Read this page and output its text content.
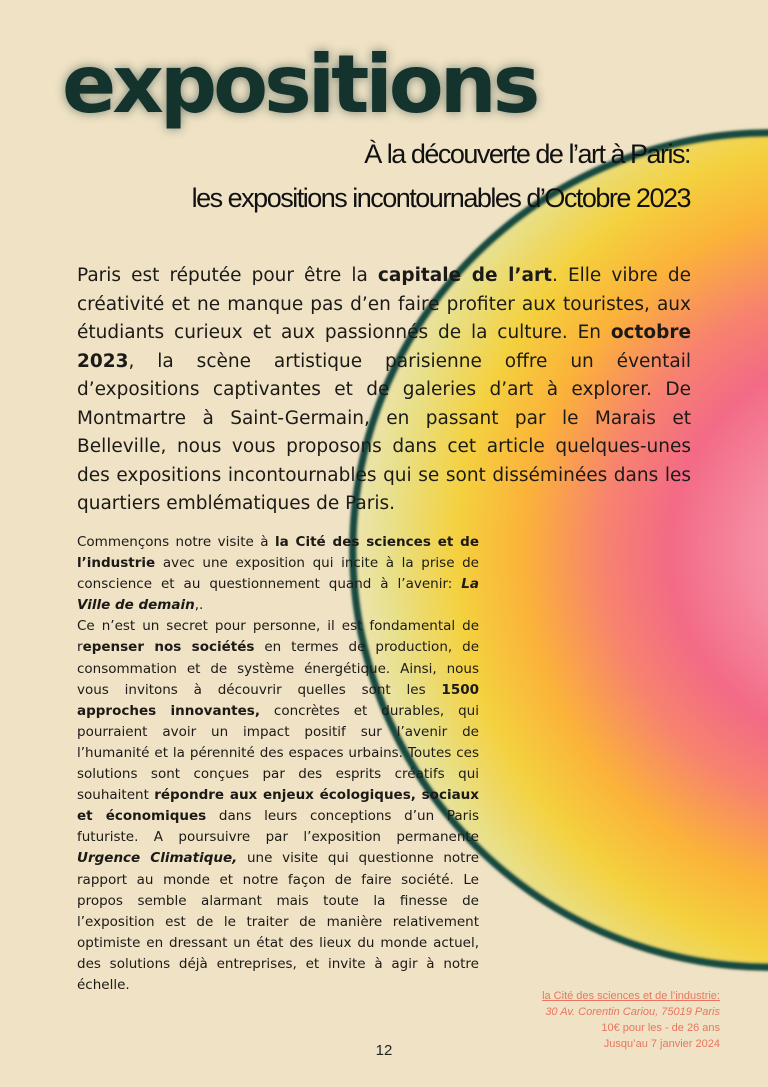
expositions
À la découverte de l’art à Paris:
les expositions incontournables d’Octobre 2023
Paris est réputée pour être la capitale de l’art. Elle vibre de créativité et ne manque pas d’en faire profiter aux touristes, aux étudiants curieux et aux passionnés de la culture. En octobre 2023, la scène artistique parisienne offre un éventail d’expositions captivantes et de galeries d’art à explorer. De Montmartre à Saint-Germain, en passant par le Marais et Belleville, nous vous proposons dans cet article quelques-unes des expositions incontournables qui se sont disséminées dans les quartiers emblématiques de Paris.

Commençons notre visite à la Cité des sciences et de l’industrie avec une exposition qui incite à la prise de conscience et au questionnement quand à l’avenir: La Ville de demain,.

Ce n’est un secret pour personne, il est fondamental de repenser nos sociétés en termes de production, de consommation et de système énergétique. Ainsi, nous vous invitons à découvrir quelles sont les 1500 approches innovantes, concrètes et durables, qui pourraient avoir un impact positif sur l’avenir de l’humanité et la pérennité des espaces urbains. Toutes ces solutions sont conçues par des esprits créatifs qui souhaitent répondre aux enjeux écologiques, sociaux et économiques dans leurs conceptions d’un Paris futuriste. A poursuivre par l’exposition permanente Urgence Climatique, une visite qui questionne notre rapport au monde et notre façon de faire société. Le propos semble alarmant mais toute la finesse de l’exposition est de le traiter de manière relativement optimiste en dressant un état des lieux du monde actuel, des solutions déjà entreprises, et invite à agir à notre échelle.

la Cité des sciences et de l’industrie:
30 Av. Corentin Cariou, 75019 Paris
10€ pour les - de 26 ans
Jusqu’au 7 janvier 2024
12
